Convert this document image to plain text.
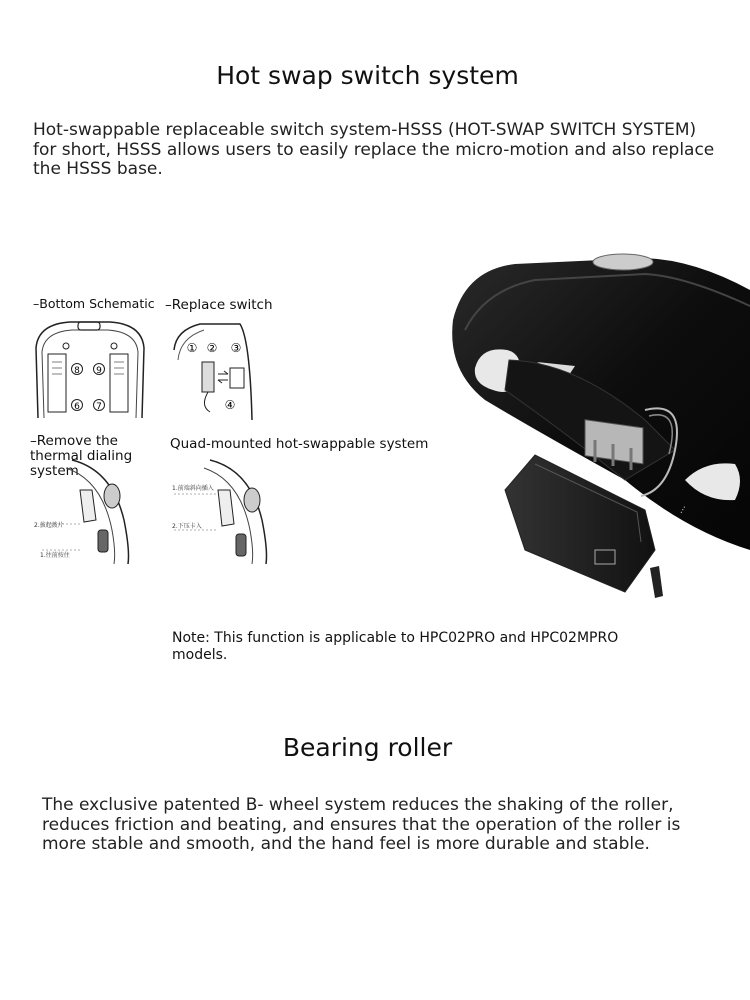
Hot swap switch system
Hot-swappable replaceable switch system-HSSS (HOT-SWAP SWITCH SYSTEM) for short, HSSS allows users to easily replace the micro-motion and also replace the HSSS base.
–Bottom Schematic –Replace switch
–Remove the thermal dialing system
Quad-mounted hot-swappable system
8 9
6 7
① ② ③
④
2.拔起拨片
1.往前按住
1.前端斜向插入
2.下压卡入
⋯
Note: This function is applicable to HPC02PRO and HPC02MPRO models.
Bearing roller
The exclusive patented B- wheel system reduces the shaking of the roller, reduces friction and beating, and ensures that the operation of the roller is more stable and smooth, and the hand feel is more durable and stable.
